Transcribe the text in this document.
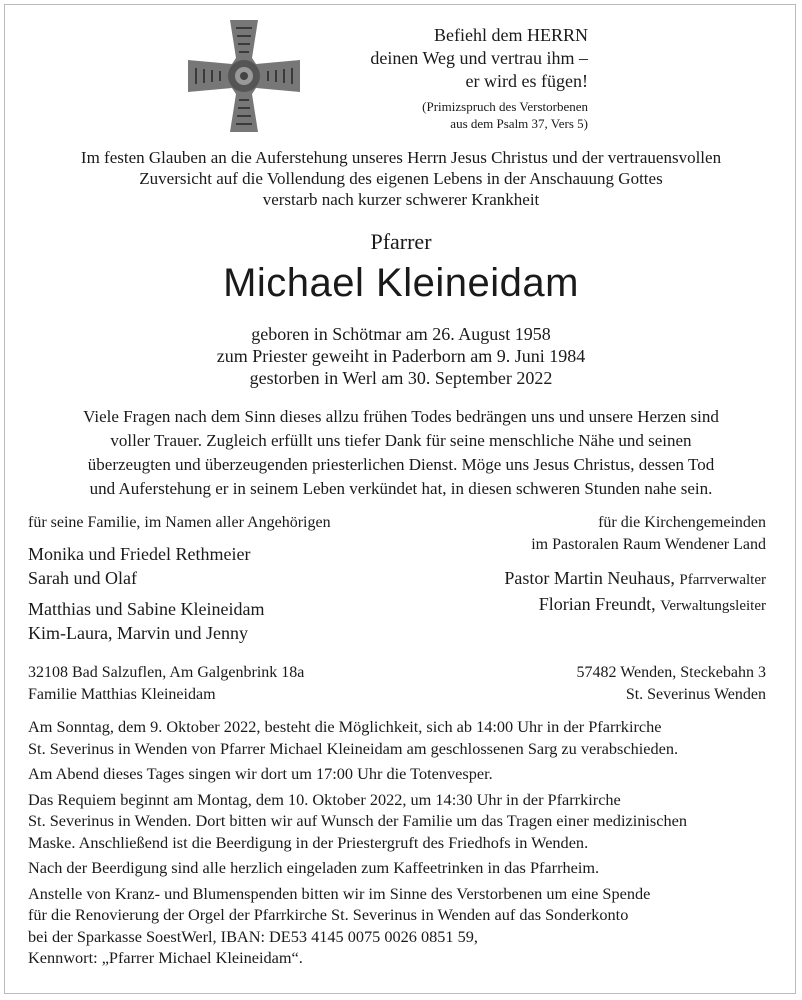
Befiehl dem HERRN
deinen Weg und vertrau ihm –
er wird es fügen!
(Primizspruch des Verstorbenen
aus dem Psalm 37, Vers 5)
Im festen Glauben an die Auferstehung unseres Herrn Jesus Christus und der vertrauensvollen
Zuversicht auf die Vollendung des eigenen Lebens in der Anschauung Gottes
verstarb nach kurzer schwerer Krankheit
Pfarrer
Michael Kleineidam
geboren in Schötmar am 26. August 1958
zum Priester geweiht in Paderborn am 9. Juni 1984
gestorben in Werl am 30. September 2022
Viele Fragen nach dem Sinn dieses allzu frühen Todes bedrängen uns und unsere Herzen sind
voller Trauer. Zugleich erfüllt uns tiefer Dank für seine menschliche Nähe und seinen
überzeugten und überzeugenden priesterlichen Dienst. Möge uns Jesus Christus, dessen Tod
und Auferstehung er in seinem Leben verkündet hat, in diesen schweren Stunden nahe sein.
für seine Familie, im Namen aller Angehörigen
Monika und Friedel Rethmeier
Sarah und Olaf
Matthias und Sabine Kleineidam
Kim-Laura, Marvin und Jenny
32108 Bad Salzuflen, Am Galgenbrink 18a
Familie Matthias Kleineidam
für die Kirchengemeinden
im Pastoralen Raum Wendener Land
Pastor Martin Neuhaus, Pfarrverwalter
Florian Freundt, Verwaltungsleiter
57482 Wenden, Steckebahn 3
St. Severinus Wenden

Am Sonntag, dem 9. Oktober 2022, besteht die Möglichkeit, sich ab 14:00 Uhr in der Pfarrkirche
St. Severinus in Wenden von Pfarrer Michael Kleineidam am geschlossenen Sarg zu verabschieden.

Am Abend dieses Tages singen wir dort um 17:00 Uhr die Totenvesper.

Das Requiem beginnt am Montag, dem 10. Oktober 2022, um 14:30 Uhr in der Pfarrkirche
St. Severinus in Wenden. Dort bitten wir auf Wunsch der Familie um das Tragen einer medizinischen
Maske. Anschließend ist die Beerdigung in der Priestergruft des Friedhofs in Wenden.

Nach der Beerdigung sind alle herzlich eingeladen zum Kaffeetrinken in das Pfarrheim.

Anstelle von Kranz- und Blumenspenden bitten wir im Sinne des Verstorbenen um eine Spende
für die Renovierung der Orgel der Pfarrkirche St. Severinus in Wenden auf das Sonderkonto
bei der Sparkasse SoestWerl, IBAN: DE53 4145 0075 0026 0851 59,
Kennwort: „Pfarrer Michael Kleineidam“.
